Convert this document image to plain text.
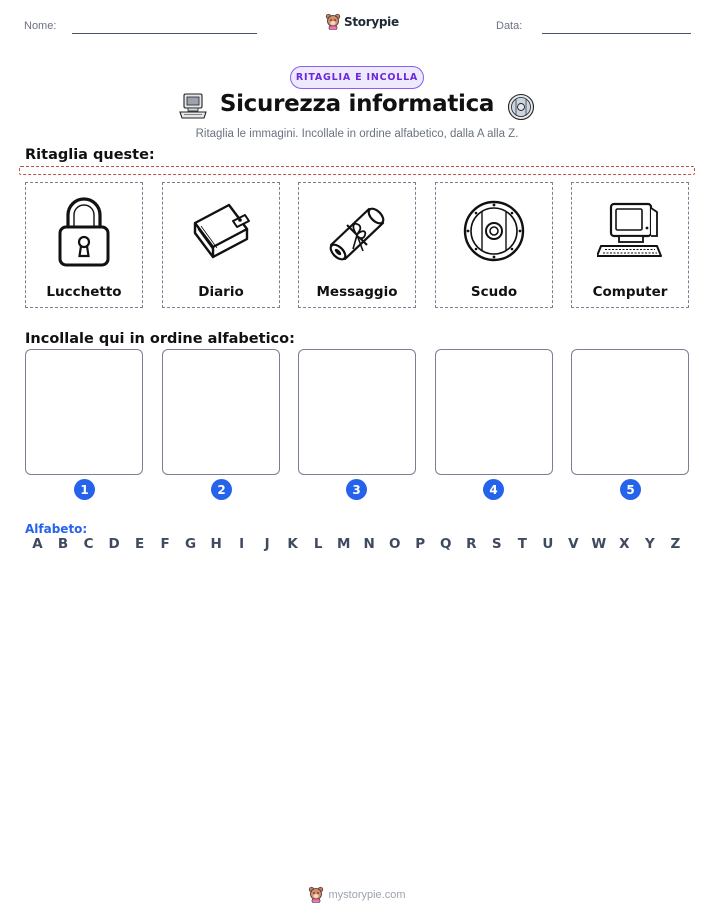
Nome:	Storypie	Data:
RITAGLIA E INCOLLA
Sicurezza informatica
Ritaglia le immagini. Incollale in ordine alfabetico, dalla A alla Z.
Ritaglia queste:
Lucchetto	Diario	Messaggio	Scudo	Computer
Incollale qui in ordine alfabetico:
1	2	3	4	5
Alfabeto:
A	B	C	D	E	F	G	H	I	J	K	L	M N	O	P	Q	R	S	T	U	V W X	Y	Z
mystorypie.com
